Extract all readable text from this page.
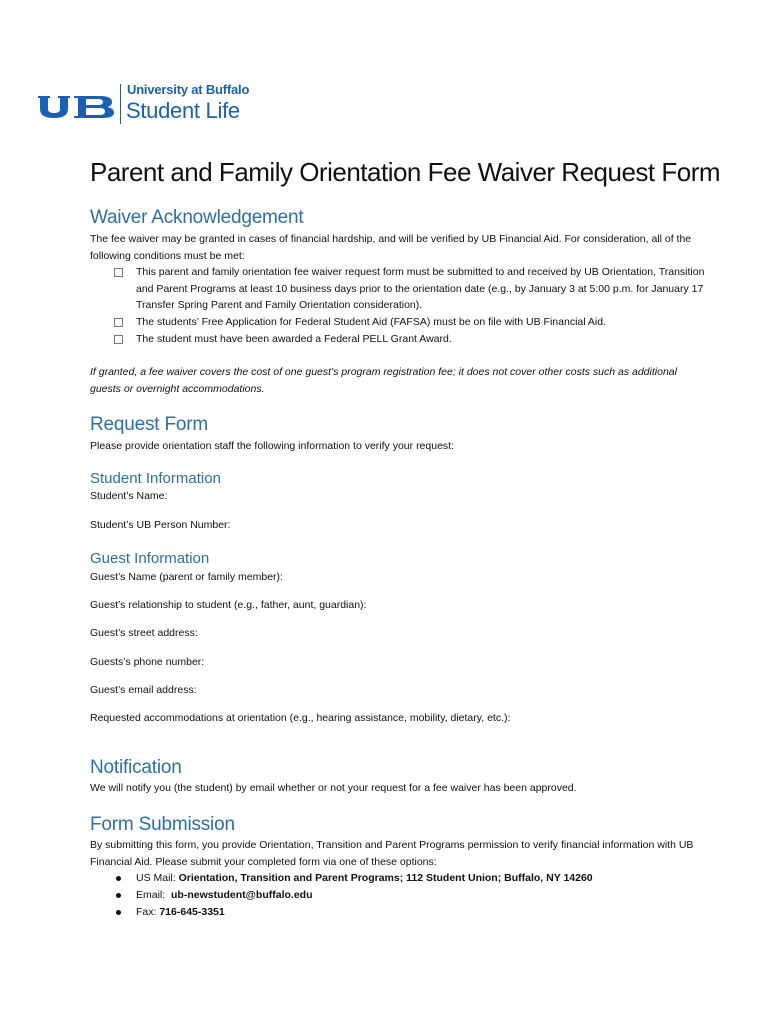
University at Buffalo
Student Life
Parent and Family Orientation Fee Waiver Request Form
Waiver Acknowledgement
The fee waiver may be granted in cases of financial hardship, and will be verified by UB Financial Aid. For consideration, all of the following conditions must be met:
This parent and family orientation fee waiver request form must be submitted to and received by UB Orientation, Transition and Parent Programs at least 10 business days prior to the orientation date (e.g., by January 3 at 5:00 p.m. for January 17 Transfer Spring Parent and Family Orientation consideration).
The students’ Free Application for Federal Student Aid (FAFSA) must be on file with UB Financial Aid.
The student must have been awarded a Federal PELL Grant Award.
If granted, a fee waiver covers the cost of one guest’s program registration fee; it does not cover other costs such as additional guests or overnight accommodations.
Request Form
Please provide orientation staff the following information to verify your request:
Student Information
Student’s Name:
Student’s UB Person Number:
Guest Information
Guest’s Name (parent or family member):
Guest’s relationship to student (e.g., father, aunt, guardian):
Guest’s street address:
Guests’s phone number:
Guest’s email address:
Requested accommodations at orientation (e.g., hearing assistance, mobility, dietary, etc.):
Notification
We will notify you (the student) by email whether or not your request for a fee waiver has been approved.
Form Submission
By submitting this form, you provide Orientation, Transition and Parent Programs permission to verify financial information with UB Financial Aid. Please submit your completed form via one of these options:
US Mail: Orientation, Transition and Parent Programs; 112 Student Union; Buffalo, NY 14260
Email:  ub-newstudent@buffalo.edu
Fax: 716-645-3351
